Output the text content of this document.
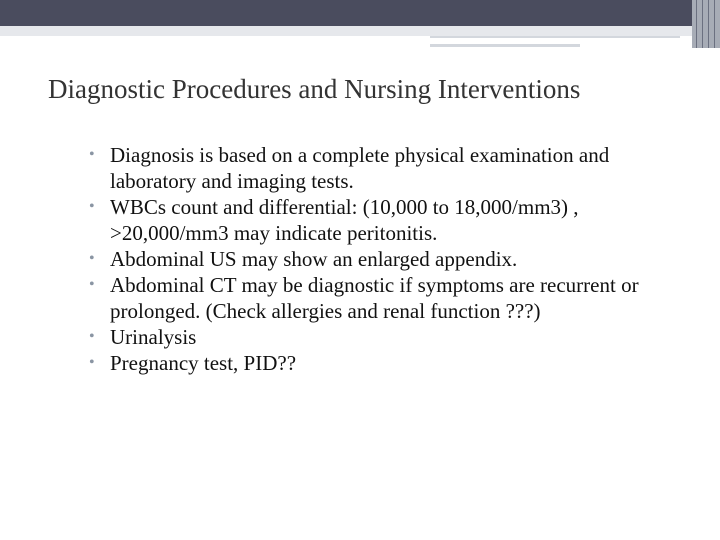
Diagnostic Procedures and Nursing Interventions
• Diagnosis is based on a complete physical examination and laboratory and imaging tests.
• WBCs count and differential: (10,000 to 18,000/mm3) , >20,000/mm3 may indicate peritonitis.
• Abdominal US may show an enlarged appendix.
• Abdominal CT may be diagnostic if symptoms are recurrent or prolonged. (Check allergies and renal function ???)
• Urinalysis
• Pregnancy test, PID??
